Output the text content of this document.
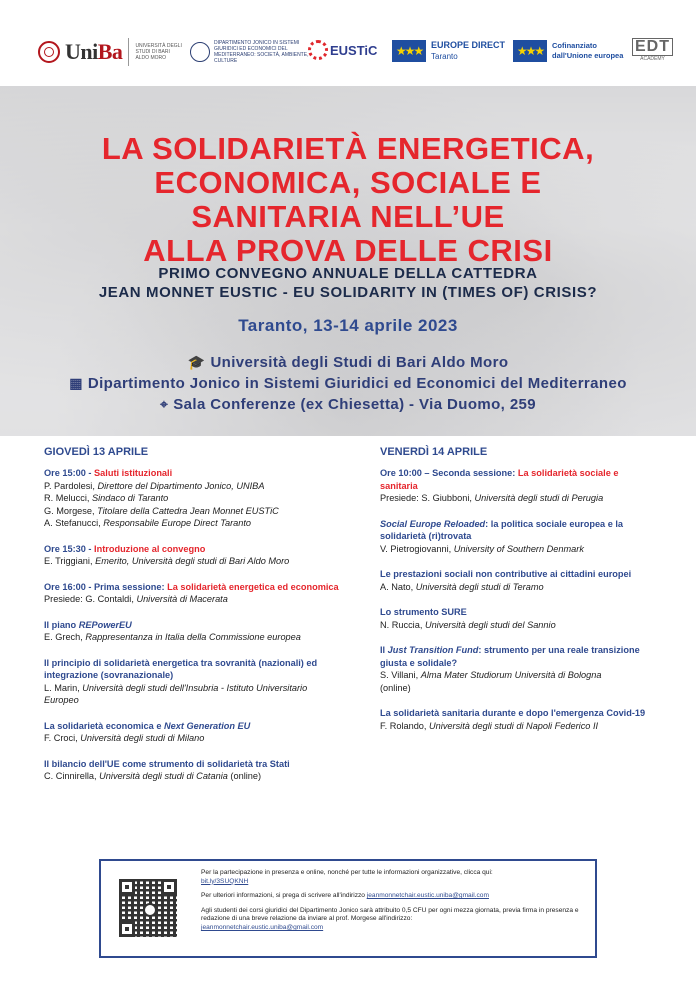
UniBa	UNIVERSITÀ DEGLI STUDI DI BARI ALDO MORO
DIPARTIMENTO JONICO IN SISTEMI GIURIDICI ED ECONOMICI DEL MEDITERRANEO: SOCIETÀ, AMBIENTE, CULTURE
EUSTiC	★★★ EUROPE DIRECT
Taranto	★★★	Cofinanziato
dall'Unione europea
EDT
ACADEMY
LA SOLIDARIETÀ ENERGETICA,
ECONOMICA, SOCIALE E
SANITARIA NELL’UE
ALLA PROVA DELLE CRISI
PRIMO CONVEGNO ANNUALE DELLA CATTEDRA
JEAN MONNET EUSTIC - EU SOLIDARITY IN (TIMES OF) CRISIS?
Taranto, 13-14 aprile 2023
🎓 Università degli Studi di Bari Aldo Moro
▦ Dipartimento Jonico in Sistemi Giuridici ed Economici del Mediterraneo
⌖ Sala Conferenze (ex Chiesetta) - Via Duomo, 259
GIOVEDÌ 13 APRILE
Ore 15:00 - Saluti istituzionali
P. Pardolesi, Direttore del Dipartimento Jonico, UNIBA
R. Melucci, Sindaco di Taranto
G. Morgese, Titolare della Cattedra Jean Monnet EUSTiC
A. Stefanucci, Responsabile Europe Direct Taranto
Ore 15:30 - Introduzione al convegno
E. Triggiani, Emerito, Università degli studi di Bari Aldo Moro
Ore 16:00 - Prima sessione: La solidarietà energetica ed economica
Presiede: G. Contaldi, Università di Macerata
Il piano REPowerEU
E. Grech, Rappresentanza in Italia della Commissione europea
Il principio di solidarietà energetica tra sovranità (nazionali) ed integrazione (sovranazionale)
L. Marin, Università degli studi dell'Insubria - Istituto Universitario Europeo
La solidarietà economica e Next Generation EU
F. Croci, Università degli studi di Milano
Il bilancio dell'UE come strumento di solidarietà tra Stati
C. Cinnirella, Università degli studi di Catania (online)
VENERDÌ 14 APRILE
Ore 10:00 – Seconda sessione: La solidarietà sociale e sanitaria
Presiede: S. Giubboni, Università degli studi di Perugia
Social Europe Reloaded: la politica sociale europea e la solidarietà (ri)trovata
V. Pietrogiovanni, University of Southern Denmark
Le prestazioni sociali non contributive ai cittadini europei
A. Nato, Università degli studi di Teramo
Lo strumento SURE
N. Ruccia, Università degli studi del Sannio
Il Just Transition Fund: strumento per una reale transizione giusta e solidale?
S. Villani, Alma Mater Studiorum Università di Bologna
(online)
La solidarietà sanitaria durante e dopo l'emergenza Covid-19
F. Rolando, Università degli studi di Napoli Federico II

Per la partecipazione in presenza e online, nonché per tutte le informazioni organizzative, clicca qui:
bit.ly/3SUQKNH

Per ulteriori informazioni, si prega di scrivere all'indirizzo jeanmonnetchair.eustic.uniba@gmail.com

Agli studenti dei corsi giuridici del Dipartimento Jonico sarà attribuito 0,5 CFU per ogni mezza giornata, previa firma in presenza e redazione di una breve relazione da inviare al prof. Morgese all'indirizzo:
jeanmonnetchair.eustic.uniba@gmail.com
